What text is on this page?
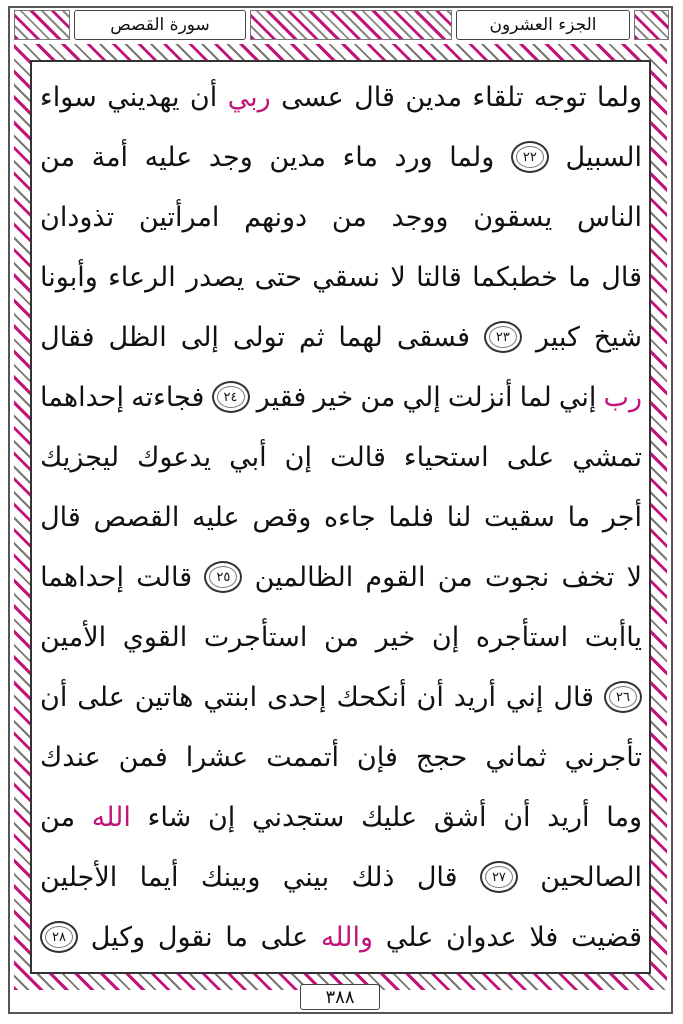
سورة القصص	الجزء العشرون
ولما
توجه
تلقاء
مدين
قال
عسى
ربي
أن
يهديني
سواء
السبيل
٢٢
ولما
ورد
ماء
مدين
وجد
عليه
أمة
من
الناس
يسقون
ووجد
من
دونهم
امرأتين
تذودان
قال
ما
خطبكما
قالتا
لا
نسقي
حتى
يصدر
الرعاء
وأبونا
شيخ
كبير
٢٣
فسقى
لهما
ثم
تولى
إلى
الظل
فقال
رب
إني
لما
أنزلت
إلي
من
خير
فقير
٢٤
فجاءته
إحداهما
تمشي
على
استحياء
قالت
إن
أبي
يدعوك
ليجزيك
أجر
ما
سقيت
لنا
فلما
جاءه
وقص
عليه
القصص
قال
لا
تخف
نجوت
من
القوم
الظالمين
٢٥
قالت
إحداهما
ياأبت
استأجره
إن
خير
من
استأجرت
القوي
الأمين
٢٦
قال
إني
أريد
أن
أنكحك
إحدى
ابنتي
هاتين
على
أن
تأجرني
ثماني
حجج
فإن
أتممت
عشرا
فمن
عندك
وما
أريد
أن
أشق
عليك
ستجدني
إن
شاء
الله
من
الصالحين
٢٧
قال
ذلك
بيني
وبينك
أيما
الأجلين
قضيت
فلا
عدوان
علي
والله
على
ما
نقول
وكيل
٢٨
٣٨٨
